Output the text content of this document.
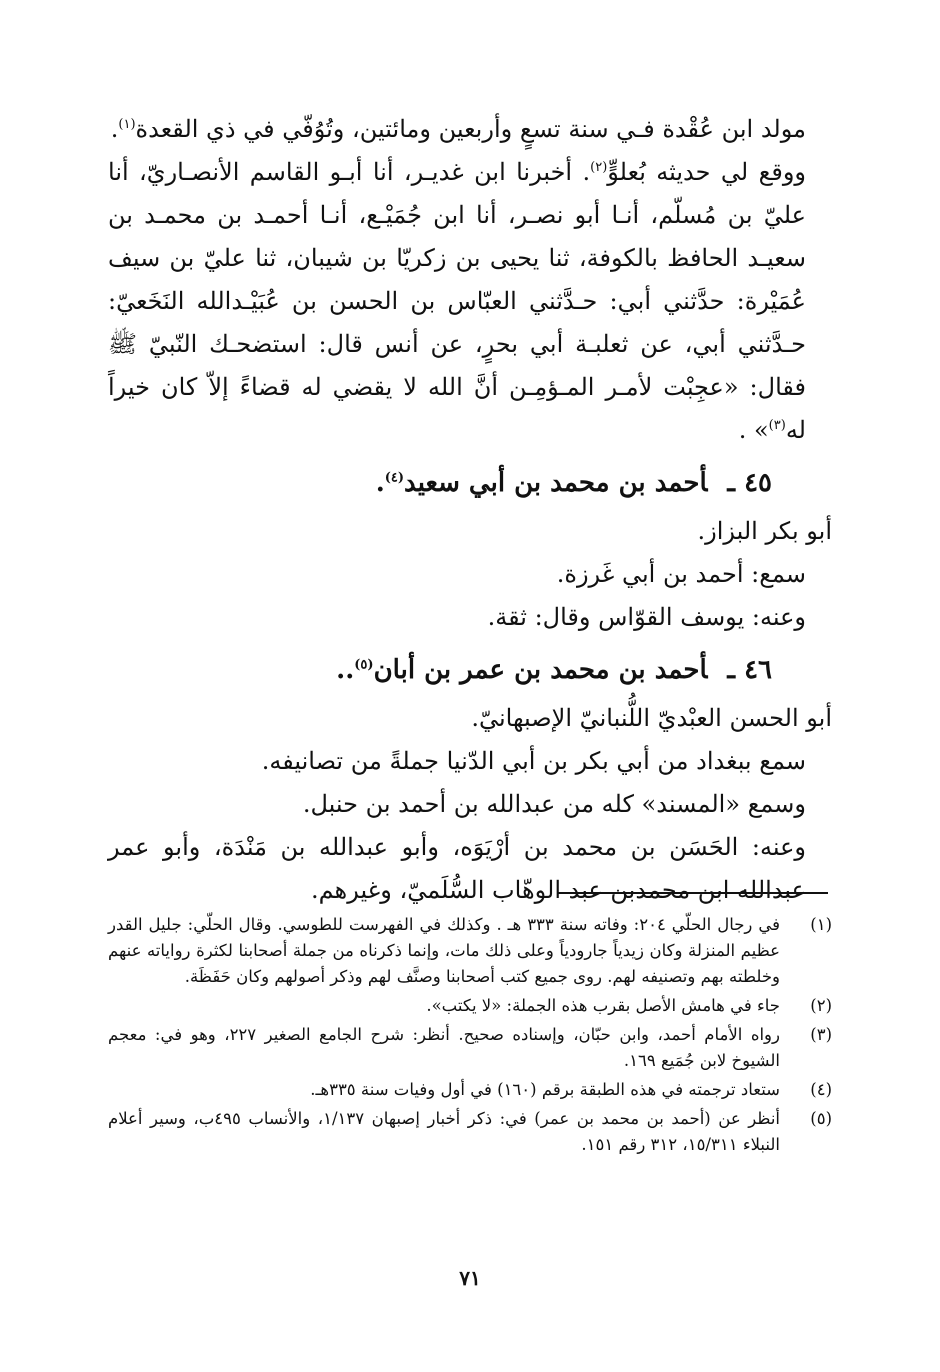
مولد ابن عُقْدة فـي سنة تسعٍ وأربعين ومائتين، وتُوُفّي في ذي القعدة$^{(١)}$.

ووقع لي حديثه بُعلوٍّ$^{(٢)}$. أخبرنا ابن غديـر، أنا أبـو القاسم الأنصـاريّ، أنا عليّ بن مُسلّم، أنـا أبو نصـر، أنا ابن جُمَيْـع، أنـا أحمـد بن محمـد بن سعيـد الحافظ بالكوفة، ثنا يحيى بن زكريّا بن شيبان، ثنا عليّ بن سيف عُمَيْرة: حدَّثني أبي: حـدَّثني العبّاس بن الحسن بن عُبَيْـدالله النَخَعيّ: حـدَّثني أبي، عن ثعلبـة أبي بحرٍ، عن أنس قال: استضحـك النّبيّ ﷺ فقال: «عجِبْت لأمـر المـؤمِـن أنَّ الله لا يقضي له قضاءً إلاّ كان خيراً له$^{(٣)}$» .

٤٥ ـأحمد بن محمد بن أبي سعيد$^{(٤)}$.

أبو بكر البزاز.

سمع: أحمد بن أبي غَرزة.

وعنه: يوسف القوّاس وقال: ثقة.

٤٦ ـأحمد بن محمد بن عمر بن أبان$^{(٥)}$..

أبو الحسن العبْديّ اللُّنبانيّ الإصبهانيّ.

سمع ببغداد من أبي بكر بن أبي الدّنيا جملةً من تصانيفه.

وسمع «المسند» كله من عبدالله بن أحمد بن حنبل.

وعنه: الحَسَن بن محمد بن أرْيَوَه، وأبو عبدالله بن مَنْدَة، وأبو عمر عبدالله ابن محمدبن عبد الوهّاب السُّلَميّ، وغيرهم.

(١)
في رجال الحلّي ٢٠٤: وفاته سنة ٣٣٣ هـ . وكذلك في الفهرست للطوسي. وقال الحلّي: جليل القدر عظيم المنزلة وكان زيدياً جارودياً وعلى ذلك مات، وإنما ذكرناه من جملة أصحابنا لكثرة رواياته عنهم وخلطته بهم وتصنيفه لهم. روى جميع كتب أصحابنا وصنَّف لهم وذكر أصولهم وكان حَفَظَة.
(٢)
جاء في هامش الأصل بقرب هذه الجملة: «لا يكتب».
(٣)
رواه الأمام أحمد، وابن حبّان، وإسناده صحيح. أنظر: شرح الجامع الصغير ٢٢٧، وهو في: معجم الشيوخ لابن جُمَيع ١٦٩.
(٤)
ستعاد ترجمته في هذه الطبقة برقم (١٦٠) في أول وفيات سنة ٣٣٥هـ.
(٥)
أنظر عن (أحمد بن محمد بن عمر) في: ذكر أخبار إصبهان ١/١٣٧، والأنساب ٤٩٥ب، وسير أعلام النبلاء ١٥/٣١١، ٣١٢ رقم ١٥١.
٧١
